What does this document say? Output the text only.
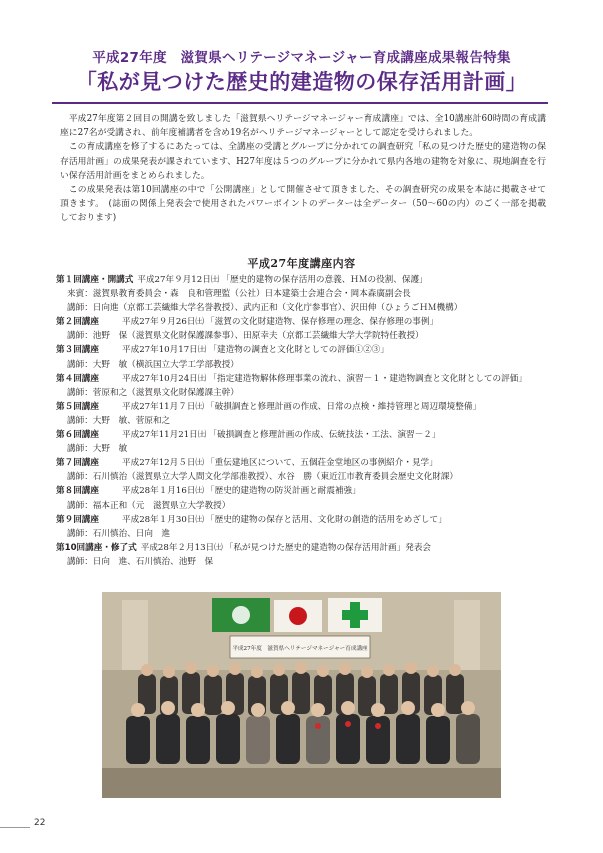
平成27年度　滋賀県ヘリテージマネージャー育成講座成果報告特集
「私が見つけた歴史的建造物の保存活用計画」

平成27年度第２回目の開講を致しました「滋賀県ヘリテージマネージャー育成講座」では、全10講座計60時間の育成講座に27名が受講され、前年度補講者を含め19名がヘリテージマネージャーとして認定を受けられました。

この育成講座を修了するにあたっては、全講座の受講とグループに分かれての調査研究「私の見つけた歴史的建造物の保存活用計画」の成果発表が課されています、H27年度は５つのグループに分かれて県内各地の建物を対象に、現地調査を行い保存活用計画をまとめられました。

この成果発表は第10回講座の中で「公開講座」として開催させて頂きました、その調査研究の成果を本誌に掲載させて頂きます。　(誌面の関係上発表会で使用されたパワーポイントのデーターは全データー（50～60の内）のごく一部を掲載しております)

平成27年度講座内容
第１回講座・開講式 平成27年９月12日㈯ 「歴史的建物の保存活用の意義、ＨＭの役割、保護」
来賓：滋賀県教育委員会・森　良和管理監（公社）日本建築士会連合会・岡本森廣副会長
講師：日向進（京都工芸繊維大学名誉教授）、武内正和（文化庁参事官）、沢田伸（ひょうごＨＭ機構）
第２回講座	平成27年９月26日㈯ 「滋賀の文化財建造物、保存修理の理念、保存修理の事例」
講師：池野　保（滋賀県文化財保護課参事）、田原幸夫（京都工芸繊維大学大学院特任教授）
第３回講座	平成27年10月17日㈯ 「建造物の調査と文化財としての評価①②③」
講師：大野　敏（横浜国立大学工学部教授）
第４回講座	平成27年10月24日㈯ 「指定建造物解体修理事業の流れ、演習－１・建造物調査と文化財としての評価」
講師：菅原和之（滋賀県文化財保護課主幹）
第５回講座	平成27年11月７日㈯ 「破損調査と修理計画の作成、日常の点検・維持管理と周辺環境整備」
講師：大野　敏、菅原和之
第６回講座	平成27年11月21日㈯ 「破損調査と修理計画の作成、伝統技法・工法、演習－２」
講師：大野　敏
第７回講座	平成27年12月５日㈯ 「重伝建地区について、五個荘金堂地区の事例紹介・見学」
講師：石川慎治（滋賀県立大学人間文化学部准教授）、水谷　勝（東近江市教育委員会歴史文化財課）
第８回講座	平成28年１月16日㈯ 「歴史的建造物の防災計画と耐震補強」
講師：福本正和（元　滋賀県立大学教授）
第９回講座	平成28年１月30日㈯ 「歴史的建物の保存と活用、文化財の創造的活用をめざして」
講師：石川慎治、日向　進
第10回講座・修了式 平成28年２月13日㈯ 「私が見つけた歴史的建造物の保存活用計画」発表会
講師：日向　進、石川慎治、池野　保
平成27年度　滋賀県ヘリテージマネージャー育成講座
22
